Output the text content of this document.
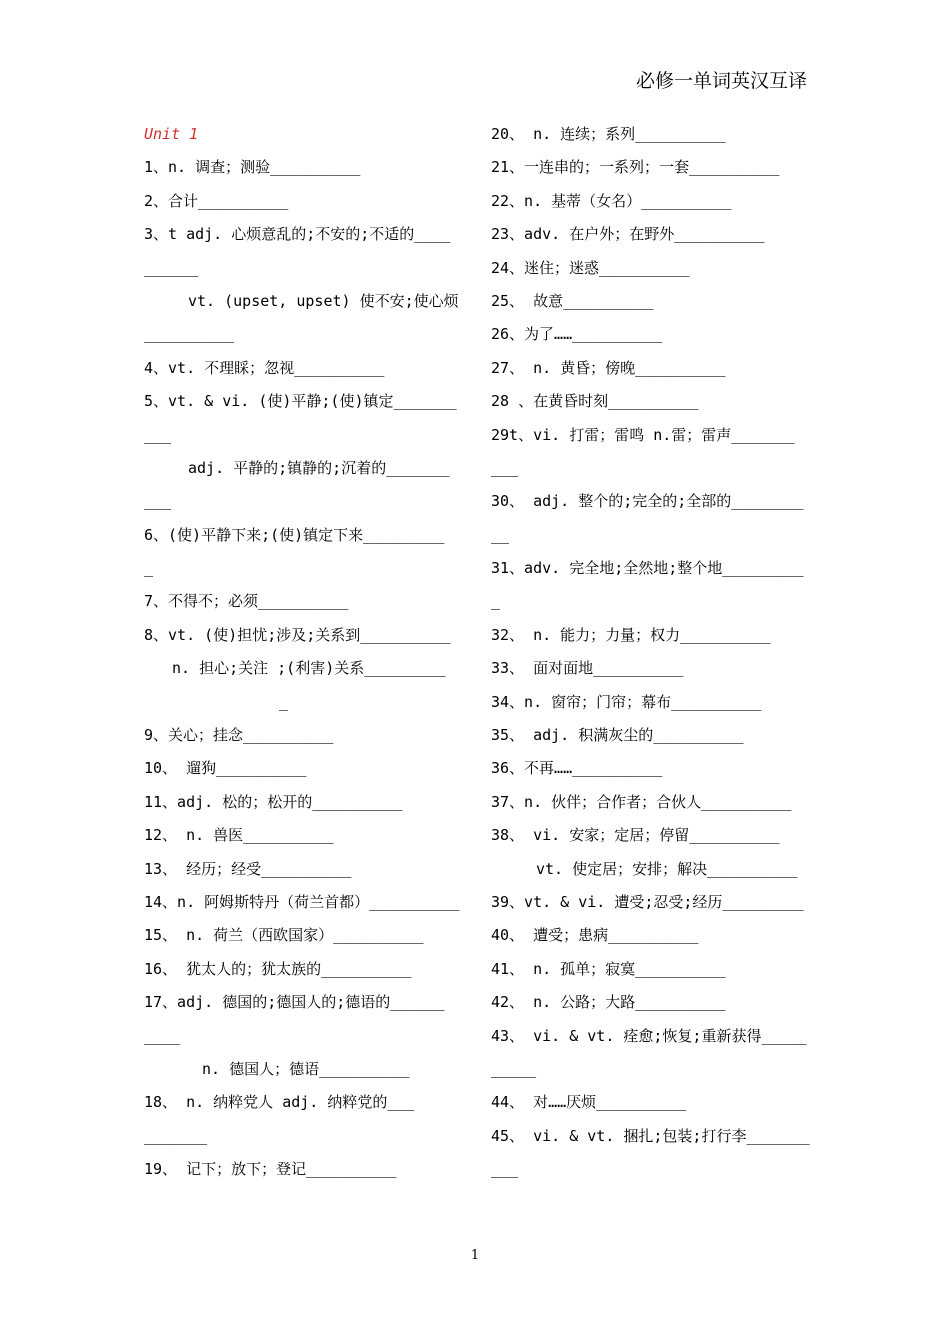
必修一单词英汉互译
Unit 1
1、n. 调查；测验__________
2、合计__________
3、t adj. 心烦意乱的;不安的;不适的____
______
vt. (upset, upset) 使不安;使心烦
__________
4、vt. 不理睬；忽视__________
5、vt. & vi. (使)平静;(使)镇定_______
___
adj. 平静的;镇静的;沉着的_______
___
6、(使)平静下来;(使)镇定下来_________
_
7、不得不；必须__________
8、vt. (使)担忧;涉及;关系到__________
n. 担心;关注 ;(利害)关系_________
_
9、关心；挂念__________
10、 遛狗__________
11、adj. 松的；松开的__________
12、 n. 兽医__________
13、 经历；经受__________
14、n. 阿姆斯特丹（荷兰首都）__________
15、 n. 荷兰（西欧国家）__________
16、 犹太人的；犹太族的__________
17、adj. 德国的;德国人的;德语的______
____
n. 德国人；德语__________
18、 n. 纳粹党人 adj. 纳粹党的___
_______
19、 记下；放下；登记__________
20、 n. 连续；系列__________
21、一连串的；一系列；一套__________
22、n. 基蒂（女名）__________
23、adv. 在户外；在野外__________
24、迷住；迷惑__________
25、 故意__________
26、为了……__________
27、 n. 黄昏；傍晚__________
28 、在黄昏时刻__________
29t、vi. 打雷；雷鸣 n.雷；雷声_______
___
30、 adj. 整个的;完全的;全部的________
__
31、adv. 完全地;全然地;整个地_________
_
32、 n. 能力；力量；权力__________
33、 面对面地__________
34、n. 窗帘；门帘；幕布__________
35、 adj. 积满灰尘的__________
36、不再……__________
37、n. 伙伴；合作者；合伙人__________
38、 vi. 安家；定居；停留__________
vt. 使定居；安排；解决__________
39、vt. & vi. 遭受;忍受;经历_________
40、 遭受；患病__________
41、 n. 孤单；寂寞__________
42、 n. 公路；大路__________
43、 vi. & vt. 痊愈;恢复;重新获得_____
_____
44、 对……厌烦__________
45、 vi. & vt. 捆扎;包装;打行李_______
___
1
